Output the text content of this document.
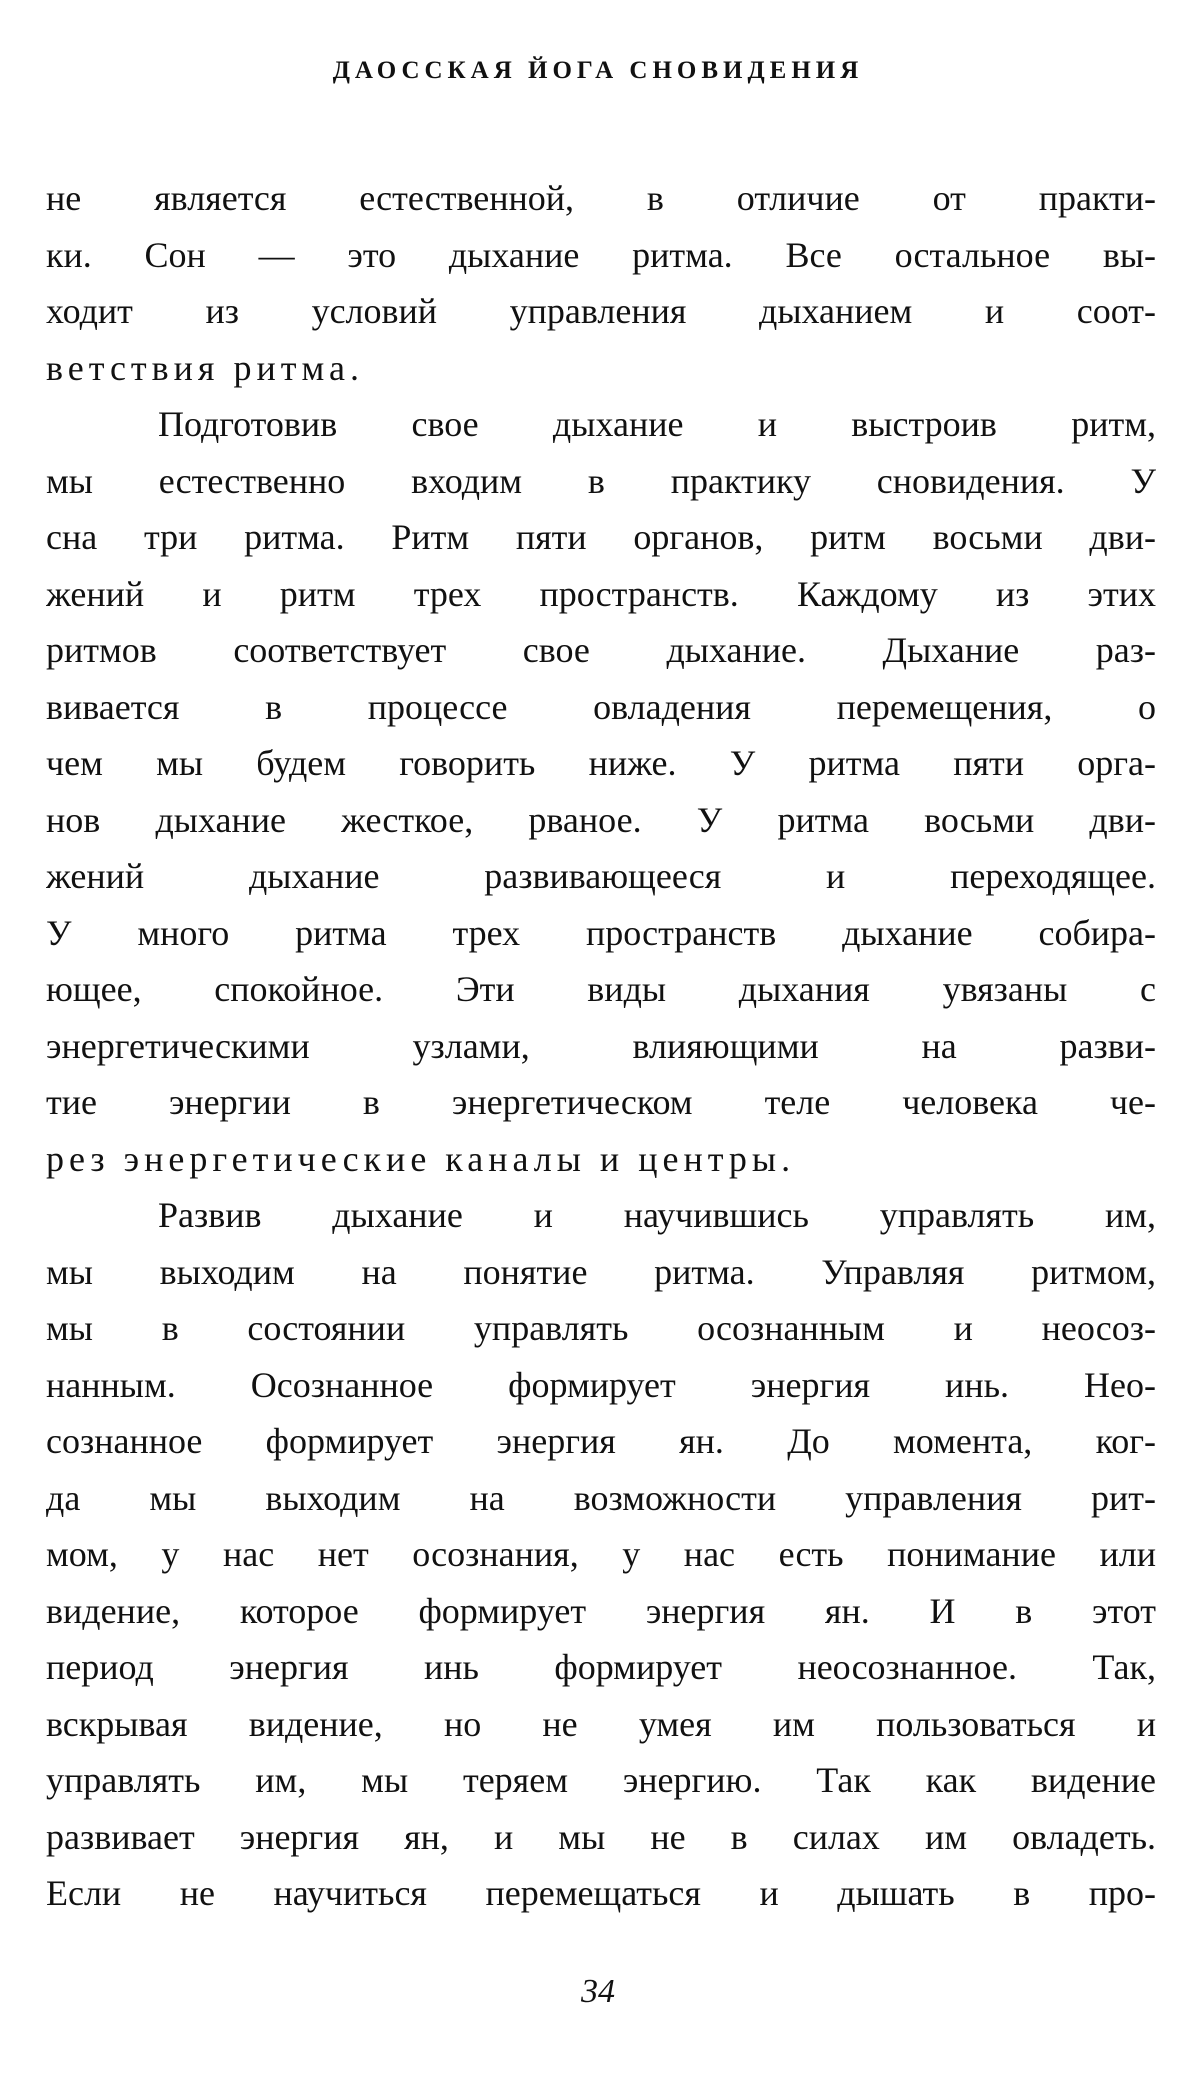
ДАОССКАЯ ЙОГА СНОВИДЕНИЯ
не является естественной, в отличие от практи-
ки. Сон — это дыхание ритма. Все остальное вы-
ходит из условий управления дыханием и соот-
ветствия ритма.
Подготовив свое дыхание и выстроив ритм,
мы естественно входим в практику сновидения. У
сна три ритма. Ритм пяти органов, ритм восьми дви-
жений и ритм трех пространств. Каждому из этих
ритмов соответствует свое дыхание. Дыхание раз-
вивается в процессе овладения перемещения, о
чем мы будем говорить ниже. У ритма пяти орга-
нов дыхание жесткое, рваное. У ритма восьми дви-
жений дыхание развивающееся и переходящее.
У много ритма трех пространств дыхание собира-
ющее, спокойное. Эти виды дыхания увязаны с
энергетическими узлами, влияющими на разви-
тие энергии в энергетическом теле человека че-
рез энергетические каналы и центры.
Развив дыхание и научившись управлять им,
мы выходим на понятие ритма. Управляя ритмом,
мы в состоянии управлять осознанным и неосоз-
нанным. Осознанное формирует энергия инь. Нео-
сознанное формирует энергия ян. До момента, ког-
да мы выходим на возможности управления рит-
мом, у нас нет осознания, у нас есть понимание или
видение, которое формирует энергия ян. И в этот
период энергия инь формирует неосознанное. Так,
вскрывая видение, но не умея им пользоваться и
управлять им, мы теряем энергию. Так как видение
развивает энергия ян, и мы не в силах им овладеть.
Если не научиться перемещаться и дышать в про-
34
